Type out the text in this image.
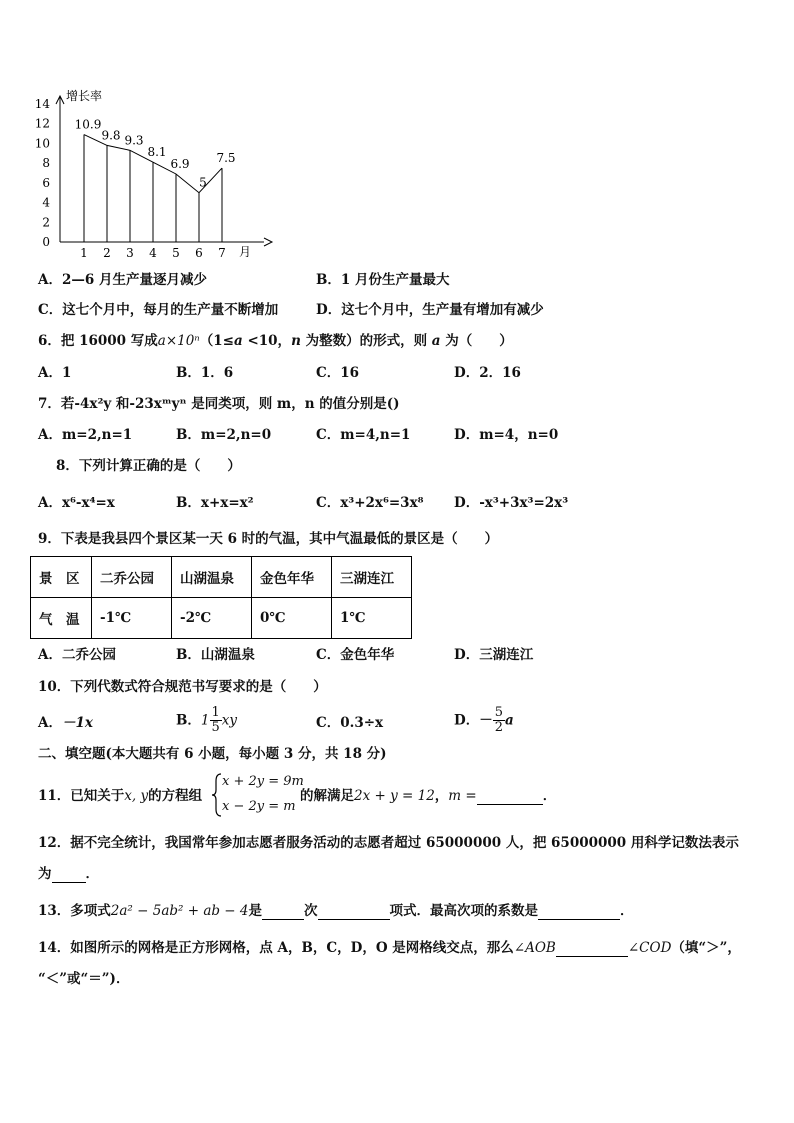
0
2
4
6
8
10
12
14
增长率
月
1
10.9
2
9.8
3
9.3
4
8.1
5
6.9
6
5
7
7.5
A．2—6 月生产量逐月减少	B．1 月份生产量最大
C．这七个月中，每月的生产量不断增加	D．这七个月中，生产量有增加有减少
6．把 16000 写成a×10ⁿ（1≤a <10，n 为整数）的形式，则 a 为（　　）
A．1	B．1．6	C．16	D．2．16
7．若-4x²y 和-23xᵐyⁿ 是同类项，则 m，n 的值分别是()
A．m=2,n=1	B．m=2,n=0	C．m=4,n=1	D．m=4，n=0
8．下列计算正确的是（　　）
A．x⁶-x⁴=x	B．x+x=x²	C．x³+2x⁶=3x⁸ D．-x³+3x³=2x³
9．下表是我县四个景区某一天 6 时的气温，其中气温最低的景区是（　　）
景　区	二乔公园	山湖温泉	金色年华	三湖连江
气　温	-1℃	-2℃	0℃	1℃
A．二乔公园	B．山湖温泉	C．金色年华	D．三湖连江
10．下列代数式符合规范书写要求的是（　　）
A．－1x	B．$1 \frac{1}{5}$ xy	C．0.3÷x	D．－ $\frac{5}{2}$ a
二、填空题(本大题共有 6 小题，每小题 3 分，共 18 分)
11．已知关于x, y的方程组
x + 2y = 9m
x − 2y = m
的解满足2x + y = 12，m =	．
12．据不完全统计，我国常年参加志愿者服务活动的志愿者超过 65000000 人，把 65000000 用科学记数法表示
为	．
13．多项式2a² − 5ab² + ab − 4是	次	项式．最高次项的系数是	．
14．如图所示的网格是正方形网格，点 A，B，C，D，O 是网格线交点，那么∠AOB	∠COD（填“＞”，
“＜”或“＝”)．
